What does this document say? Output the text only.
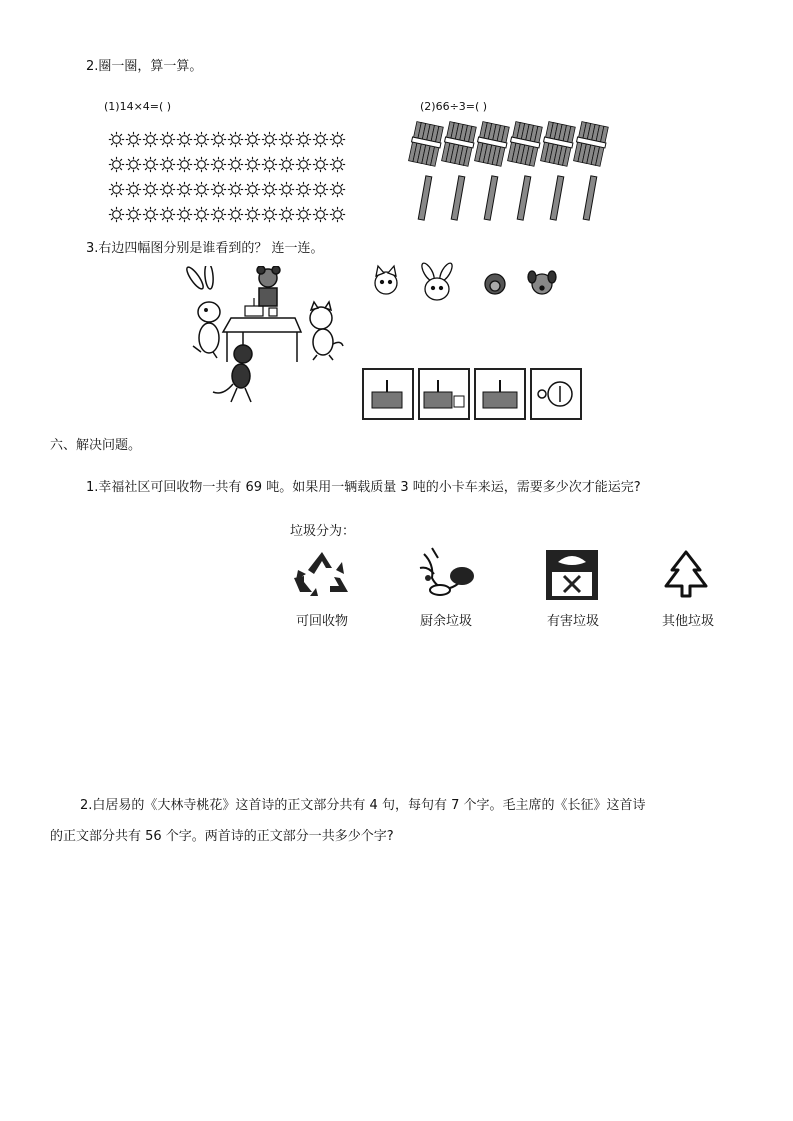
2.圈一圈，算一算。
(1)14×4=( )	(2)66÷3=( )
3.右边四幅图分别是谁看到的？ 连一连。
六、解决问题。
1.幸福社区可回收物一共有 69 吨。如果用一辆载质量 3 吨的小卡车来运，需要多少次才能运完?
垃圾分为：
可回收物	厨余垃圾	有害垃圾	其他垃圾
2.白居易的《大林寺桃花》这首诗的正文部分共有 4 句，每句有 7 个字。毛主席的《长征》这首诗
的正文部分共有 56 个字。两首诗的正文部分一共多少个字?
